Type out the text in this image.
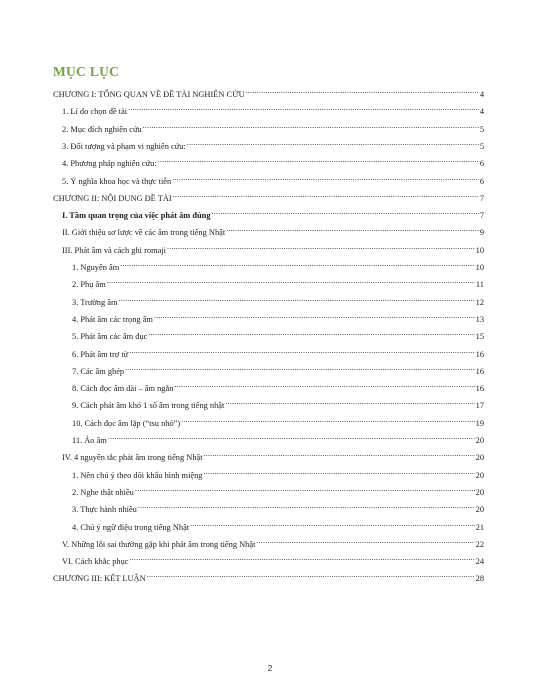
MỤC LỤC
CHƯƠNG I: TỔNG QUAN VỀ ĐỀ TÀI NGHIÊN CỨU .....	4
1. Lí do chọn đề tài .....	4
2. Mục đích nghiên cứu .....	5
3. Đối tượng và phạm vi nghiên cứu: .....	5
4. Phương pháp nghiên cứu: .....	6
5. Ý nghĩa khoa học và thực tiễn .....	6
CHƯƠNG II: NỘI DUNG ĐỀ TÀI .....	7
I. Tầm quan trọng của việc phát âm đúng .....	7
II. Giới thiệu sơ lược về các âm trong tiếng Nhật .....	9
III. Phát âm và cách ghi romaji .....	10
1. Nguyên âm .....	10
2. Phụ âm .....	11
3. Trường âm .....	12
4. Phát âm các trọng âm .....	13
5. Phát âm các âm đục .....	15
6. Phát âm trợ từ .....	16
7. Các âm ghép .....	16
8. Cách đọc âm dài – âm ngắn .....	16
9. Cách phát âm khó 1 số âm trong tiếng nhật .....	17
10. Cách đọc âm lặp (“tsu nhỏ”) .....	19
11. Ảo âm .....	20
IV. 4 nguyên tắc phát âm trong tiếng Nhật .....	20
1. Nên chú ý theo dõi khẩu hình miệng .....	20
2. Nghe thật nhiều .....	20
3. Thực hành nhiều .....	20
4. Chú ý ngữ điệu trong tiếng Nhật .....	21
V. Những lỗi sai thường gặp khi phát âm trong tiếng Nhật .....	22
VI. Cách khắc phục .....	24
CHƯƠNG III: KẾT LUẬN .....	28
2
